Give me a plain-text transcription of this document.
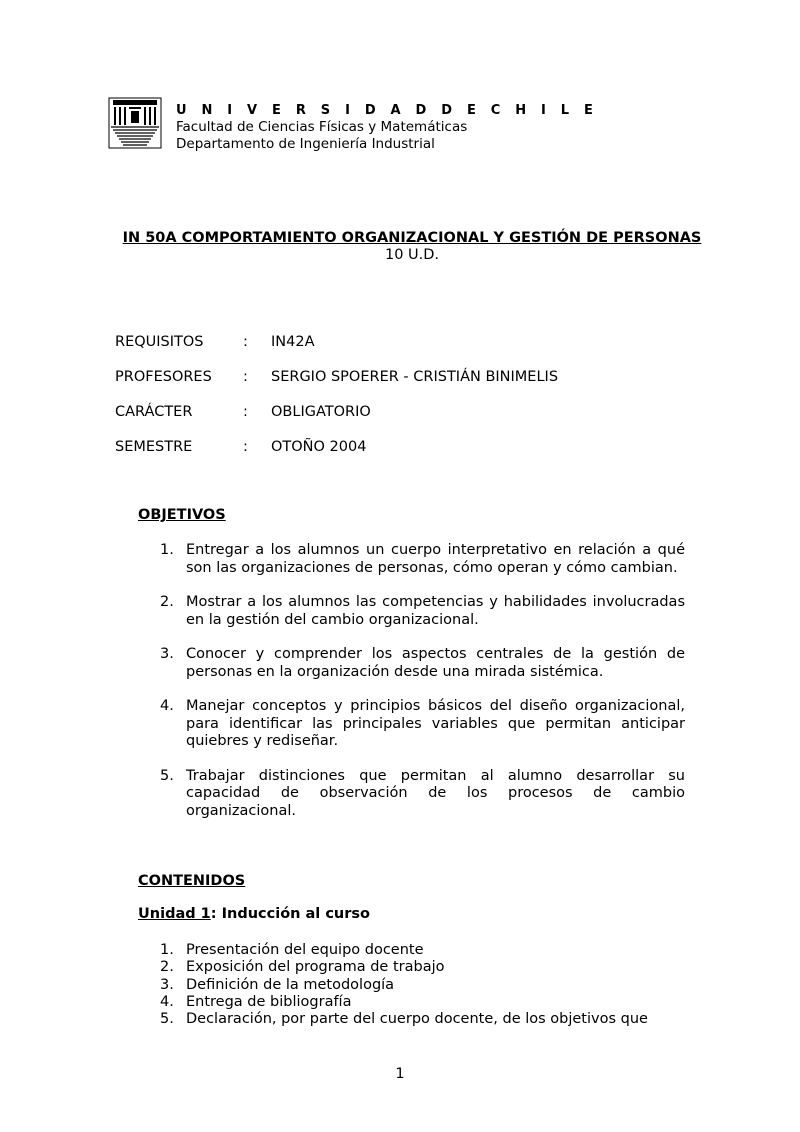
U N I V E R S I D A D D E C H I L E
Facultad de Ciencias Físicas y Matemáticas
Departamento de Ingeniería Industrial
IN 50A COMPORTAMIENTO ORGANIZACIONAL Y GESTIÓN DE PERSONAS
10 U.D.
REQUISITOS	:	IN42A
PROFESORES	:	SERGIO SPOERER - CRISTIÁN BINIMELIS
CARÁCTER	:	OBLIGATORIO
SEMESTRE	:	OTOÑO 2004
OBJETIVOS
1. Entregar a los alumnos un cuerpo interpretativo en relación a qué son las organizaciones de personas, cómo operan y cómo cambian.
2. Mostrar a los alumnos las competencias y habilidades involucradas en la gestión del cambio organizacional.
3. Conocer y comprender los aspectos centrales de la gestión de personas en la organización desde una mirada sistémica.
4. Manejar conceptos y principios básicos del diseño organizacional, para identificar las principales variables que permitan anticipar quiebres y rediseñar.
5. Trabajar distinciones que permitan al alumno desarrollar su capacidad de observación de los procesos de cambio organizacional.
CONTENIDOS
Unidad 1: Inducción al curso
1. Presentación del equipo docente
2. Exposición del programa de trabajo
3. Definición de la metodología
4. Entrega de bibliografía
5. Declaración, por parte del cuerpo docente, de los objetivos que
1
